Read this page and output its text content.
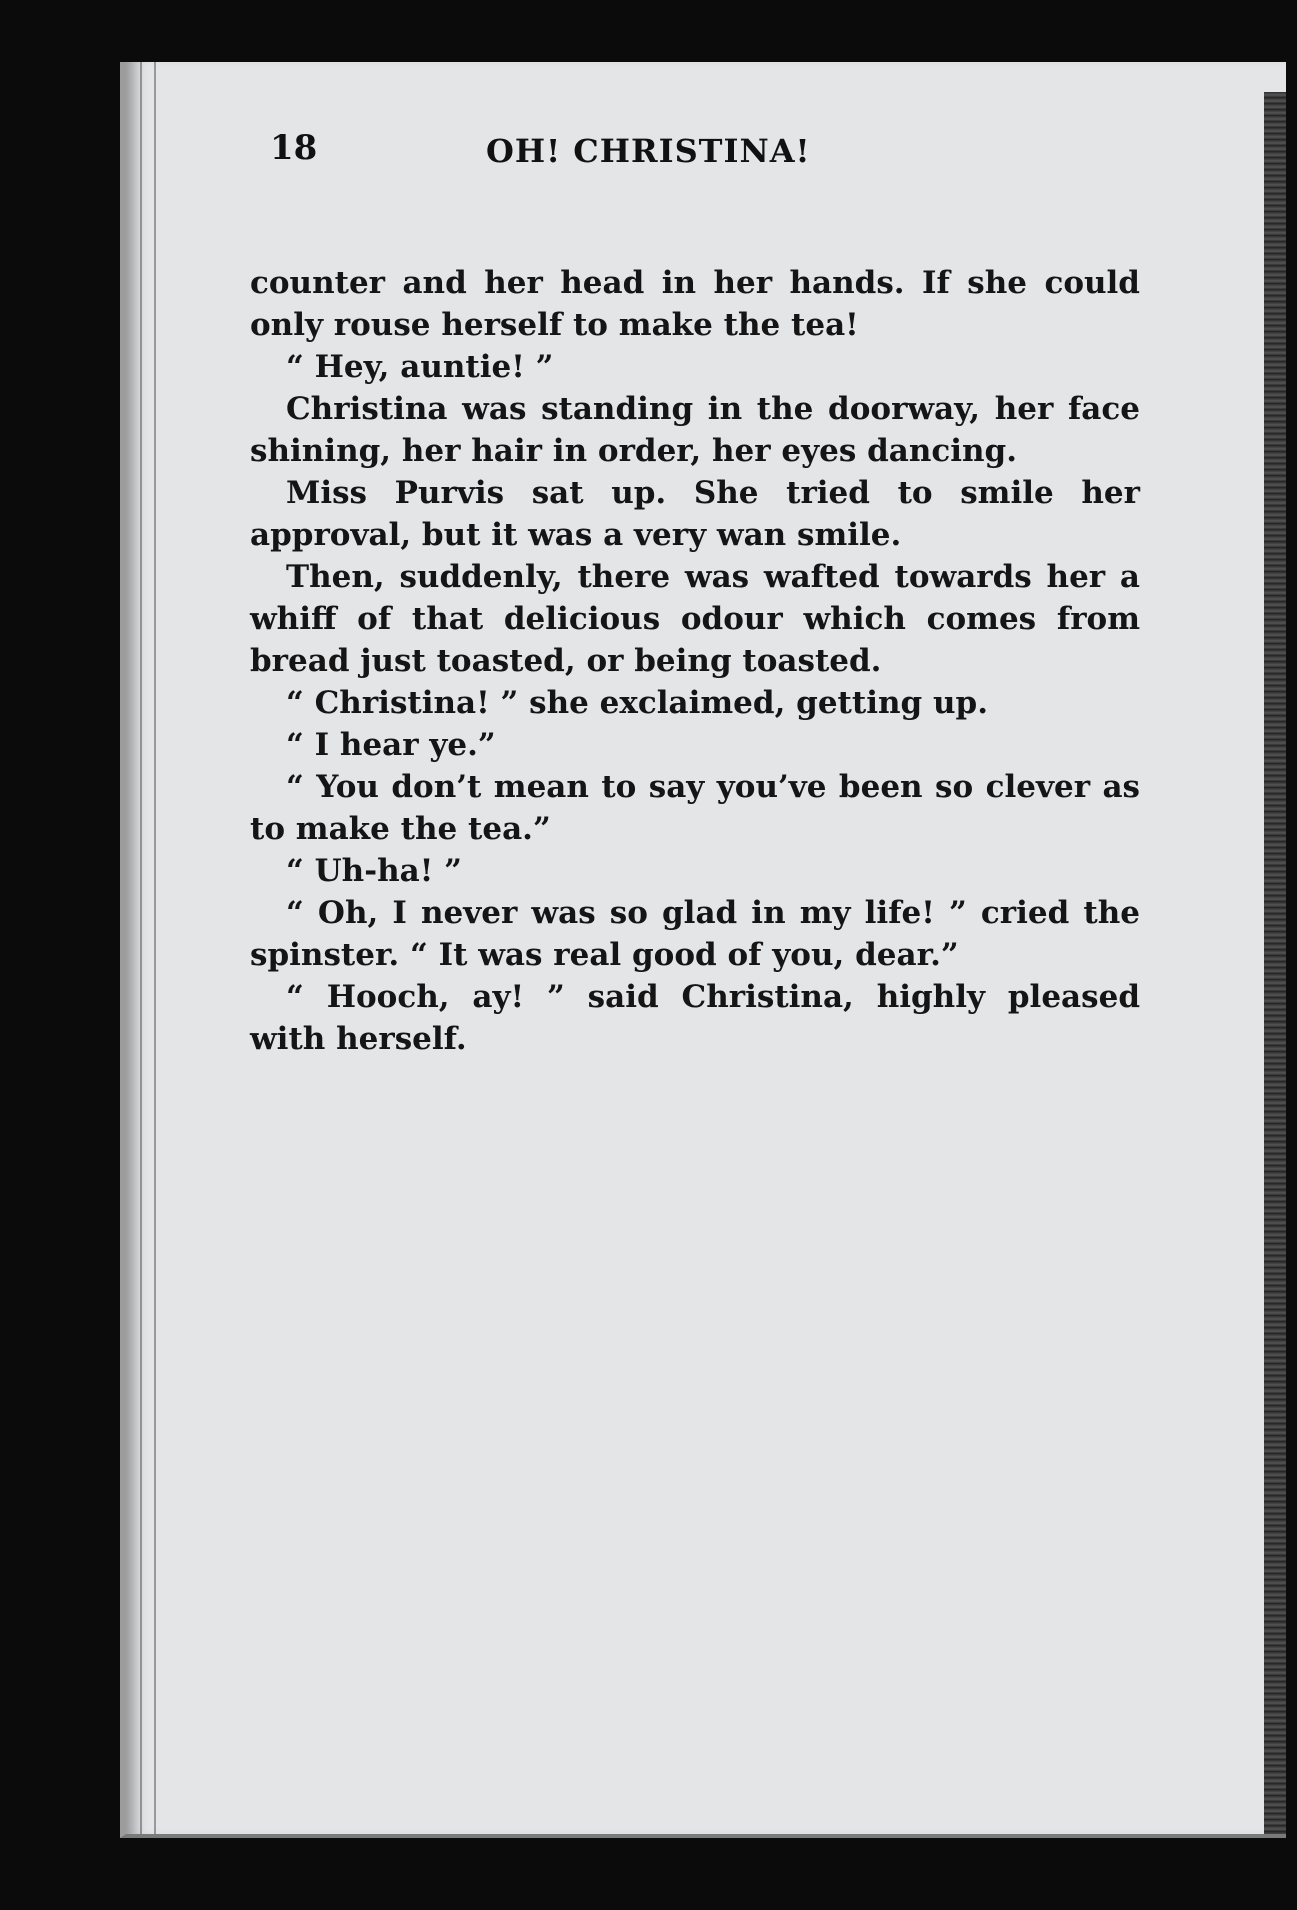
18	OH! CHRISTINA!

counter and her head in her hands. If she could only rouse herself to make the tea!

“ Hey, auntie! ”

Christina was standing in the doorway, her face shining, her hair in order, her eyes dancing.

Miss Purvis sat up. She tried to smile her approval, but it was a very wan smile.

Then, suddenly, there was wafted towards her a whiff of that delicious odour which comes from bread just toasted, or being toasted.

“ Christina! ” she exclaimed, getting up.

“ I hear ye.”

“ You don’t mean to say you’ve been so clever as to make the tea.”

“ Uh-ha! ”

“ Oh, I never was so glad in my life! ” cried the spinster. “ It was real good of you, dear.”

“ Hooch, ay! ” said Christina, highly pleased with herself.
